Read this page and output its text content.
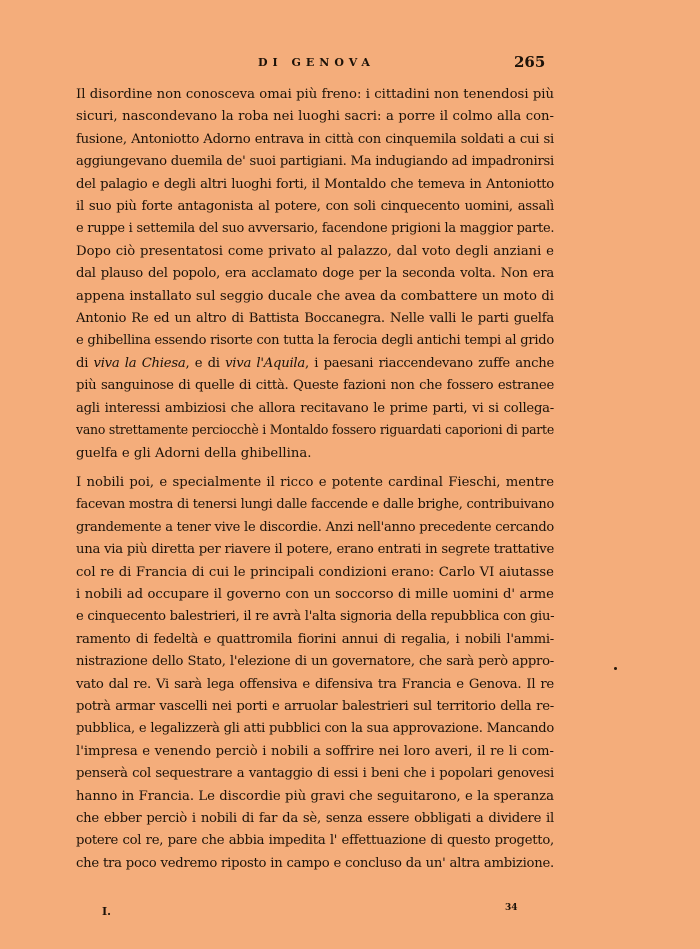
DI GENOVA	265
Il disordine non conosceva omai più freno: i cittadini non tenendosi più
sicuri, nascondevano la roba nei luoghi sacri: a porre il colmo alla con-
fusione, Antoniotto Adorno entrava in città con cinquemila soldati a cui si
aggiungevano duemila de' suoi partigiani. Ma indugiando ad impadronirsi
del palagio e degli altri luoghi forti, il Montaldo che temeva in Antoniotto
il suo più forte antagonista al potere, con soli cinquecento uomini, assalì
e ruppe i settemila del suo avversario, facendone prigioni la maggior parte.
Dopo ciò presentatosi come privato al palazzo, dal voto degli anziani e
dal plauso del popolo, era acclamato doge per la seconda volta. Non era
appena installato sul seggio ducale che avea da combattere un moto di
Antonio Re ed un altro di Battista Boccanegra. Nelle valli le parti guelfa
e ghibellina essendo risorte con tutta la ferocia degli antichi tempi al grido
di viva la Chiesa, e di viva l'Aquila, i paesani riaccendevano zuffe anche
più sanguinose di quelle di città. Queste fazioni non che fossero estranee
agli interessi ambiziosi che allora recitavano le prime parti, vi si collega-
vano strettamente perciocchè i Montaldo fossero riguardati caporioni di parte
guelfa e gli Adorni della ghibellina.
I nobili poi, e specialmente il ricco e potente cardinal Fieschi, mentre
facevan mostra di tenersi lungi dalle faccende e dalle brighe, contribuivano
grandemente a tener vive le discordie. Anzi nell'anno precedente cercando
una via più diretta per riavere il potere, erano entrati in segrete trattative
col re di Francia di cui le principali condizioni erano: Carlo VI aiutasse
i nobili ad occupare il governo con un soccorso di mille uomini d' arme
e cinquecento balestrieri, il re avrà l'alta signoria della repubblica con giu-
ramento di fedeltà e quattromila fiorini annui di regalia, i nobili l'ammi-
nistrazione dello Stato, l'elezione di un governatore, che sarà però appro-
vato dal re. Vi sarà lega offensiva e difensiva tra Francia e Genova. Il re
potrà armar vascelli nei porti e arruolar balestrieri sul territorio della re-
pubblica, e legalizzerà gli atti pubblici con la sua approvazione. Mancando
l'impresa e venendo perciò i nobili a soffrire nei loro averi, il re li com-
penserà col sequestrare a vantaggio di essi i beni che i popolari genovesi
hanno in Francia. Le discordie più gravi che seguitarono, e la speranza
che ebber perciò i nobili di far da sè, senza essere obbligati a dividere il
potere col re, pare che abbia impedita l' effettuazione di questo progetto,
che tra poco vedremo riposto in campo e concluso da un' altra ambizione.
I.	34
